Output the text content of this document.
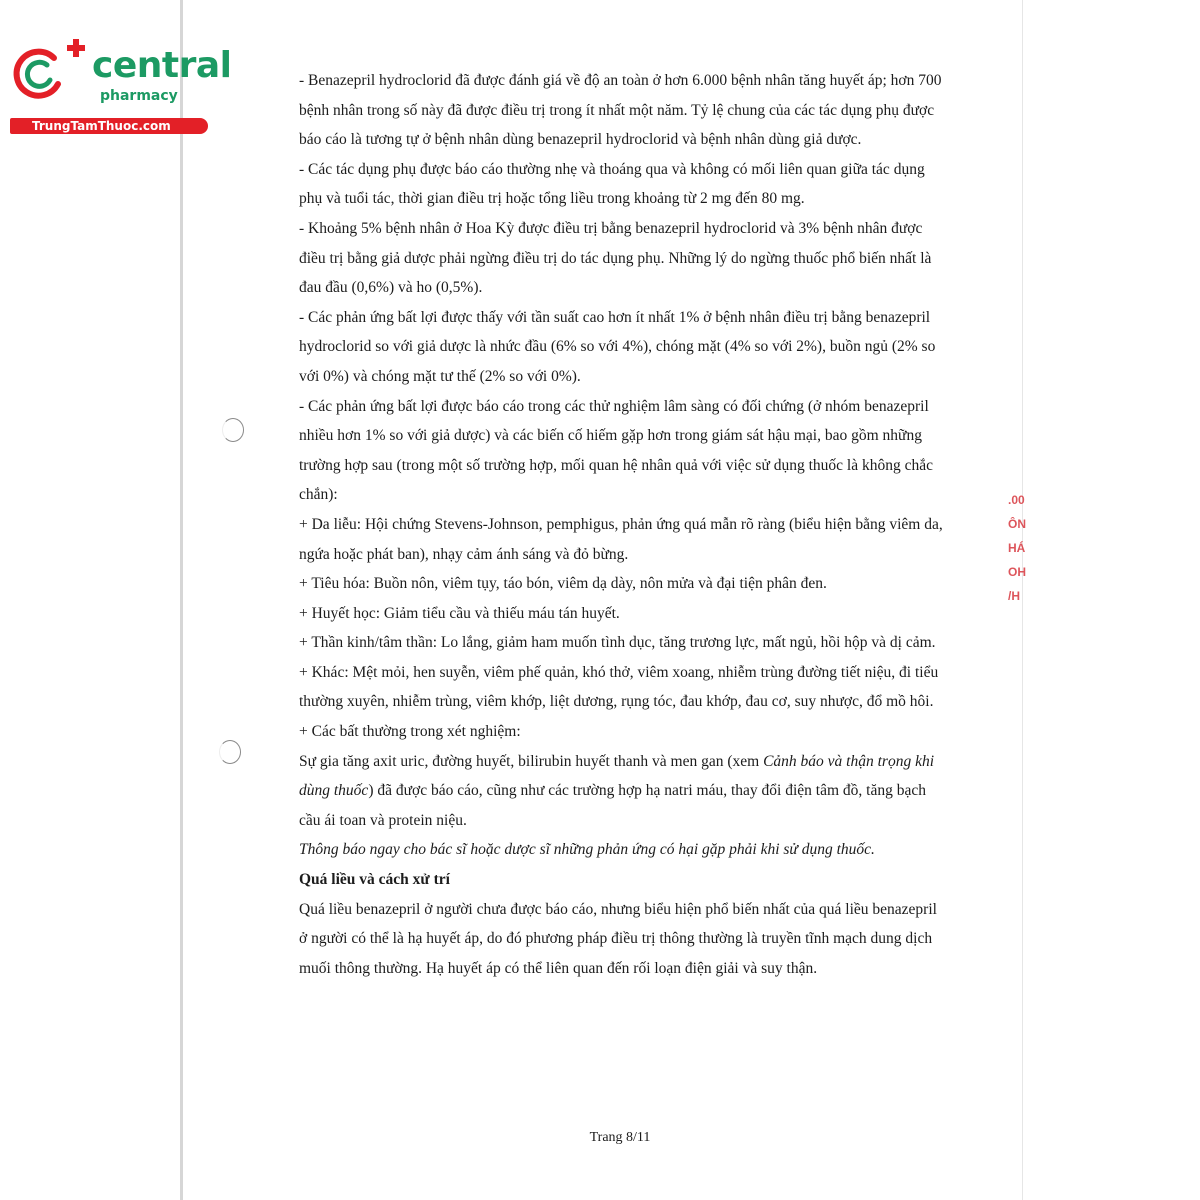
central
pharmacy
TrungTamThuoc.com
.00
ÔN
HÁ
OH
/H

- Benazepril hydroclorid đã được đánh giá về độ an toàn ở hơn 6.000 bệnh nhân tăng huyết áp; hơn 700 bệnh nhân trong số này đã được điều trị trong ít nhất một năm. Tỷ lệ chung của các tác dụng phụ được báo cáo là tương tự ở bệnh nhân dùng benazepril hydroclorid và bệnh nhân dùng giả dược.

- Các tác dụng phụ được báo cáo thường nhẹ và thoáng qua và không có mối liên quan giữa tác dụng phụ và tuổi tác, thời gian điều trị hoặc tổng liều trong khoảng từ 2 mg đến 80 mg.

- Khoảng 5% bệnh nhân ở Hoa Kỳ được điều trị bằng benazepril hydroclorid và 3% bệnh nhân được điều trị bằng giả dược phải ngừng điều trị do tác dụng phụ. Những lý do ngừng thuốc phổ biến nhất là đau đầu (0,6%) và ho (0,5%).

- Các phản ứng bất lợi được thấy với tần suất cao hơn ít nhất 1% ở bệnh nhân điều trị bằng benazepril hydroclorid so với giả dược là nhức đầu (6% so với 4%), chóng mặt (4% so với 2%), buồn ngủ (2% so với 0%) và chóng mặt tư thế (2% so với 0%).

- Các phản ứng bất lợi được báo cáo trong các thử nghiệm lâm sàng có đối chứng (ở nhóm benazepril nhiều hơn 1% so với giả dược) và các biến cố hiếm gặp hơn trong giám sát hậu mại, bao gồm những trường hợp sau (trong một số trường hợp, mối quan hệ nhân quả với việc sử dụng thuốc là không chắc chắn):

+ Da liễu: Hội chứng Stevens-Johnson, pemphigus, phản ứng quá mẫn rõ ràng (biểu hiện bằng viêm da, ngứa hoặc phát ban), nhạy cảm ánh sáng và đỏ bừng.

+ Tiêu hóa: Buồn nôn, viêm tụy, táo bón, viêm dạ dày, nôn mửa và đại tiện phân đen.

+ Huyết học: Giảm tiểu cầu và thiếu máu tán huyết.

+ Thần kinh/tâm thần: Lo lắng, giảm ham muốn tình dục, tăng trương lực, mất ngủ, hồi hộp và dị cảm.

+ Khác: Mệt mỏi, hen suyễn, viêm phế quản, khó thở, viêm xoang, nhiễm trùng đường tiết niệu, đi tiểu thường xuyên, nhiễm trùng, viêm khớp, liệt dương, rụng tóc, đau khớp, đau cơ, suy nhược, đổ mồ hôi.

+ Các bất thường trong xét nghiệm:

Sự gia tăng axit uric, đường huyết, bilirubin huyết thanh và men gan (xem Cảnh báo và thận trọng khi dùng thuốc) đã được báo cáo, cũng như các trường hợp hạ natri máu, thay đổi điện tâm đồ, tăng bạch cầu ái toan và protein niệu.

Thông báo ngay cho bác sĩ hoặc dược sĩ những phản ứng có hại gặp phải khi sử dụng thuốc.

Quá liều và cách xử trí

Quá liều benazepril ở người chưa được báo cáo, nhưng biểu hiện phổ biến nhất của quá liều benazepril ở người có thể là hạ huyết áp, do đó phương pháp điều trị thông thường là truyền tĩnh mạch dung dịch muối thông thường. Hạ huyết áp có thể liên quan đến rối loạn điện giải và suy thận.

Trang 8/11
